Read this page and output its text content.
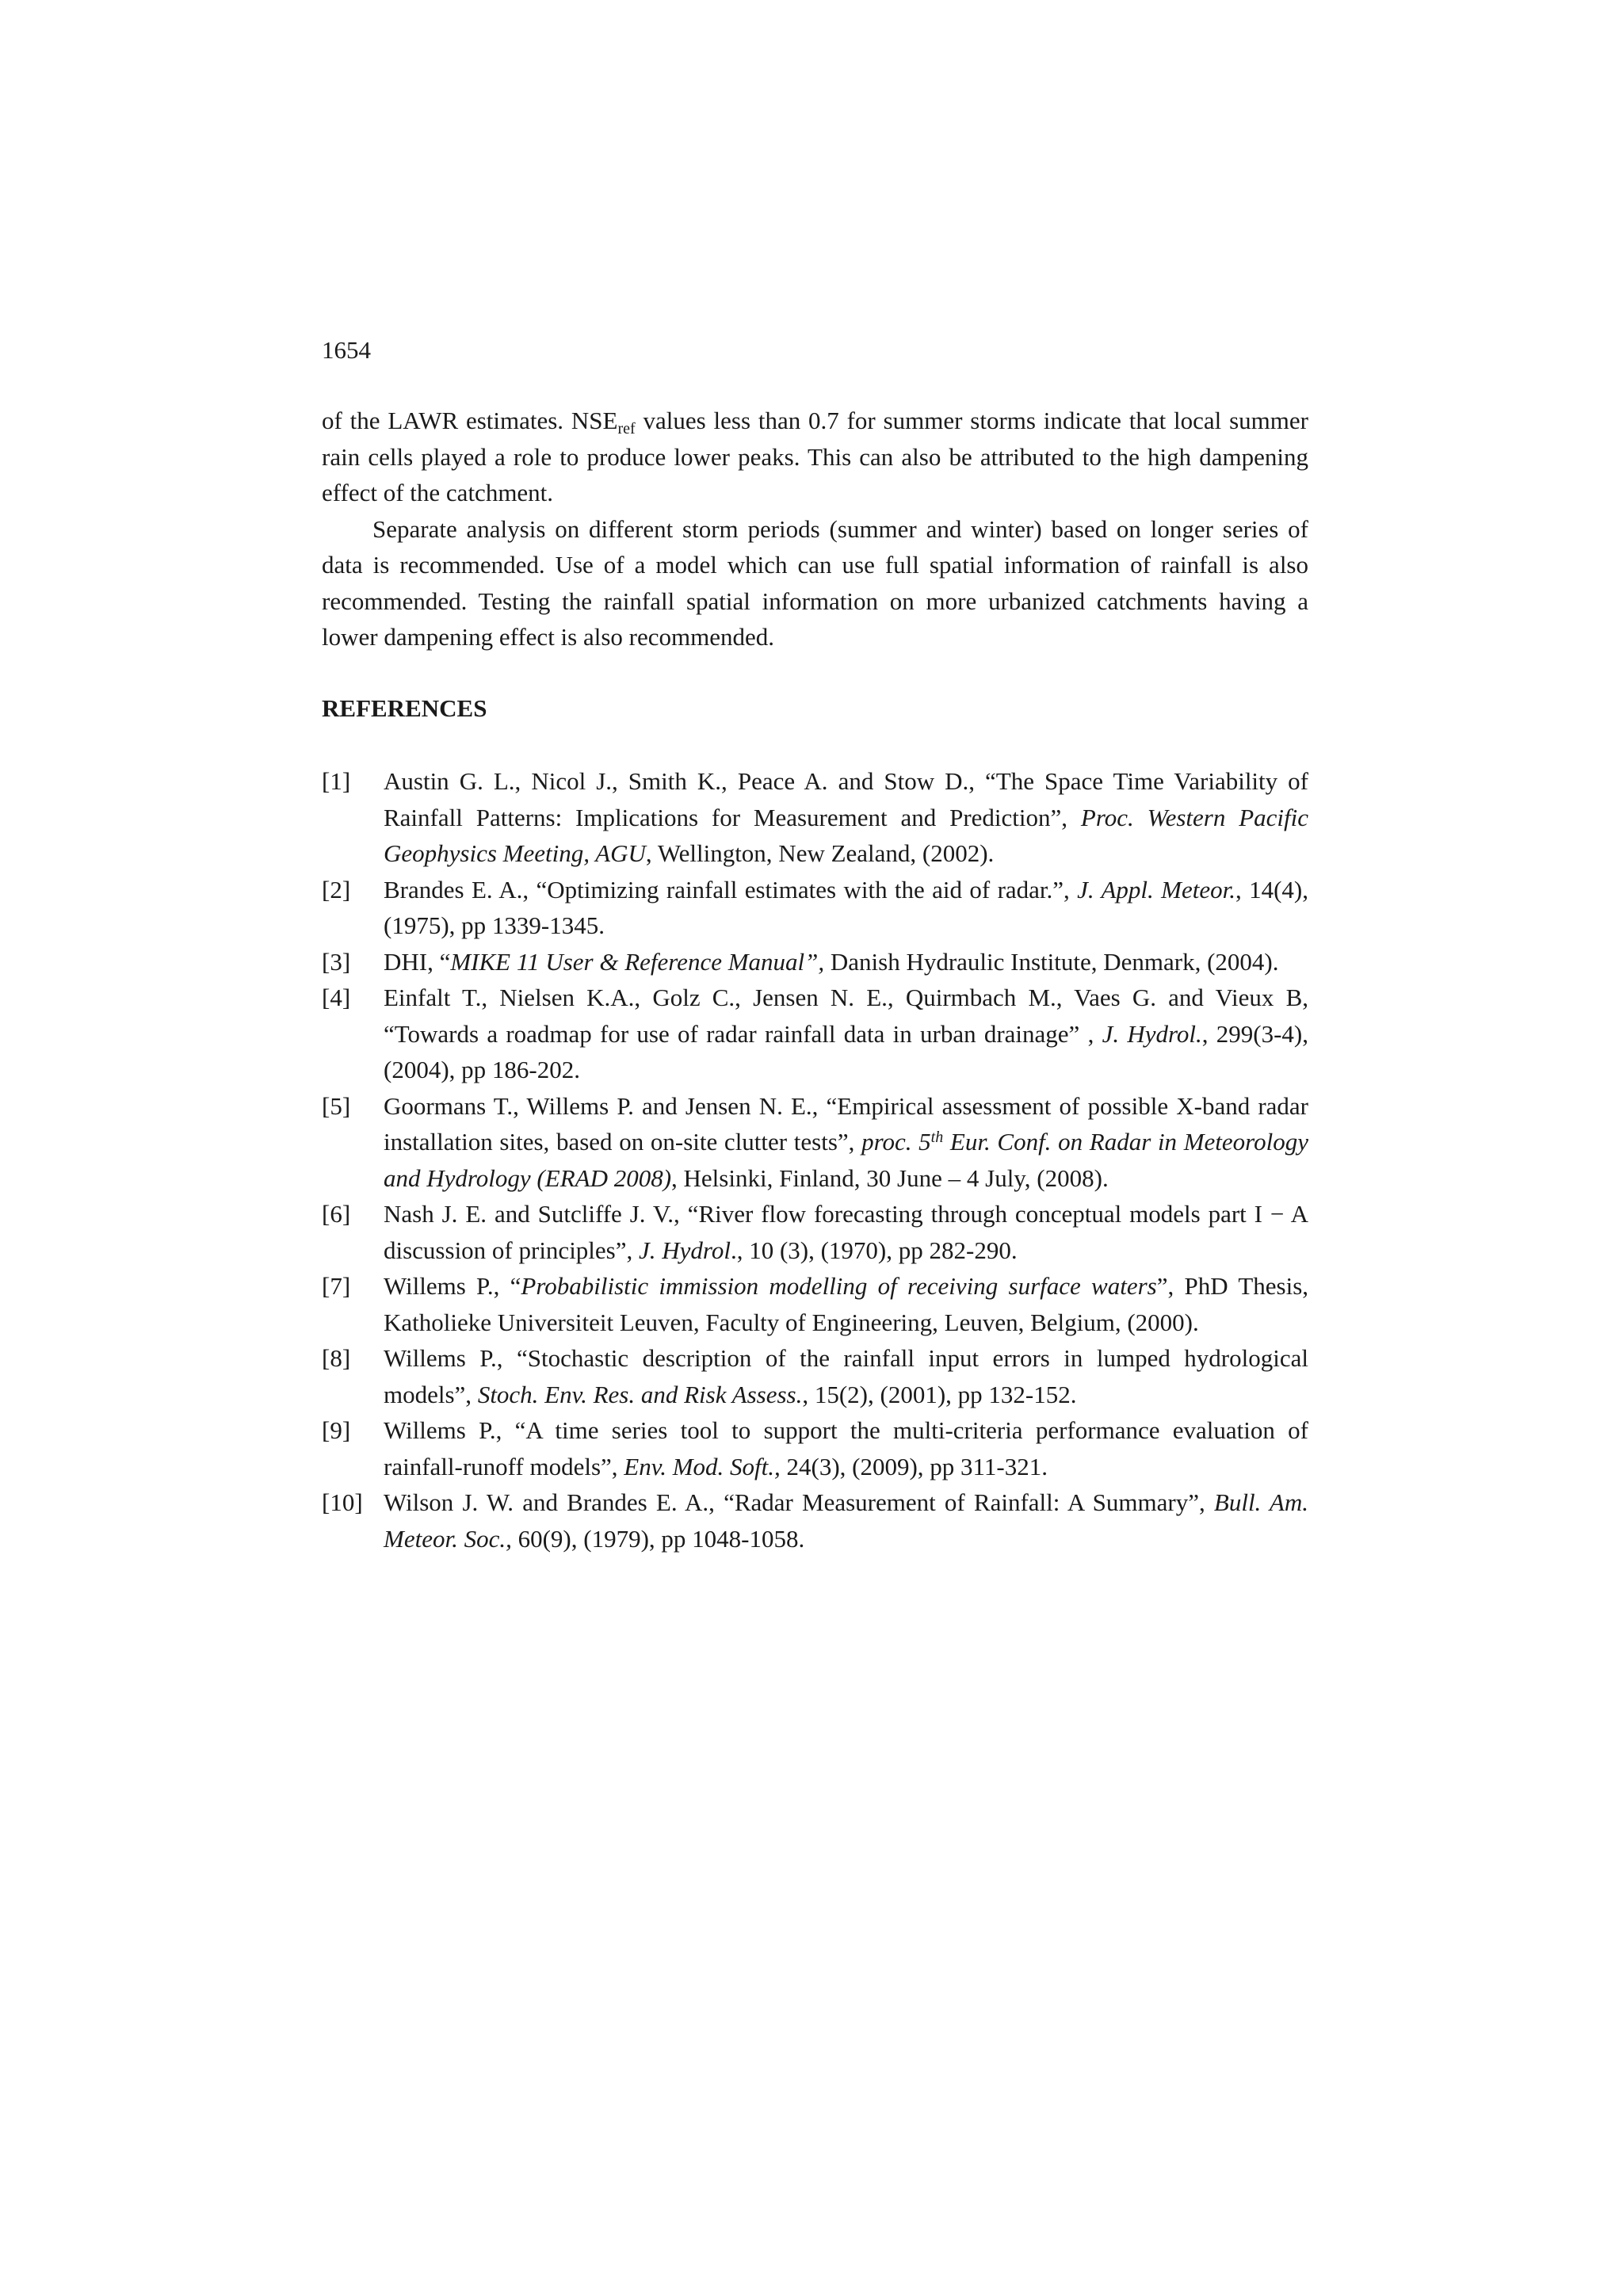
1654

of the LAWR estimates. $NSE_{ref}$ values less than 0.7 for summer storms indicate that local summer rain cells played a role to produce lower peaks. This can also be attributed to the high dampening effect of the catchment.

Separate analysis on different storm periods (summer and winter) based on longer series of data is recommended. Use of a model which can use full spatial information of rainfall is also recommended. Testing the rainfall spatial information on more urbanized catchments having a lower dampening effect is also recommended.

REFERENCES
[1]	Austin G. L., Nicol J., Smith K., Peace A. and Stow D., “The Space Time Variability of Rainfall Patterns: Implications for Measurement and Prediction”, Proc. Western Pacific Geophysics Meeting, AGU, Wellington, New Zealand, (2002).
[2]	Brandes E. A., “Optimizing rainfall estimates with the aid of radar.”, J. Appl. Meteor., 14(4), (1975), pp 1339-1345.
[3]	DHI, “MIKE 11 User & Reference Manual”, Danish Hydraulic Institute, Denmark, (2004).
[4]	Einfalt T., Nielsen K.A., Golz C., Jensen N. E., Quirmbach M., Vaes G. and Vieux B, “Towards a roadmap for use of radar rainfall data in urban drainage” , J. Hydrol., 299(3-4), (2004), pp 186-202.
[5]	Goormans T., Willems P. and Jensen N. E., “Empirical assessment of possible X-band radar installation sites, based on on-site clutter tests”, proc. 5th Eur. Conf. on Radar in Meteorology and Hydrology (ERAD 2008), Helsinki, Finland, 30 June – 4 July, (2008).
[6]	Nash J. E. and Sutcliffe J. V., “River flow forecasting through conceptual models part I − A discussion of principles”, J. Hydrol., 10 (3), (1970), pp 282-290.
[7]	Willems P., “Probabilistic immission modelling of receiving surface waters”, PhD Thesis, Katholieke Universiteit Leuven, Faculty of Engineering, Leuven, Belgium, (2000).
[8]	Willems P., “Stochastic description of the rainfall input errors in lumped hydrological models”, Stoch. Env. Res. and Risk Assess., 15(2), (2001), pp 132-152.
[9]	Willems P., “A time series tool to support the multi-criteria performance evaluation of rainfall-runoff models”, Env. Mod. Soft., 24(3), (2009), pp 311-321.
[10] Wilson J. W. and Brandes E. A., “Radar Measurement of Rainfall: A Summary”, Bull. Am. Meteor. Soc., 60(9), (1979), pp 1048-1058.
